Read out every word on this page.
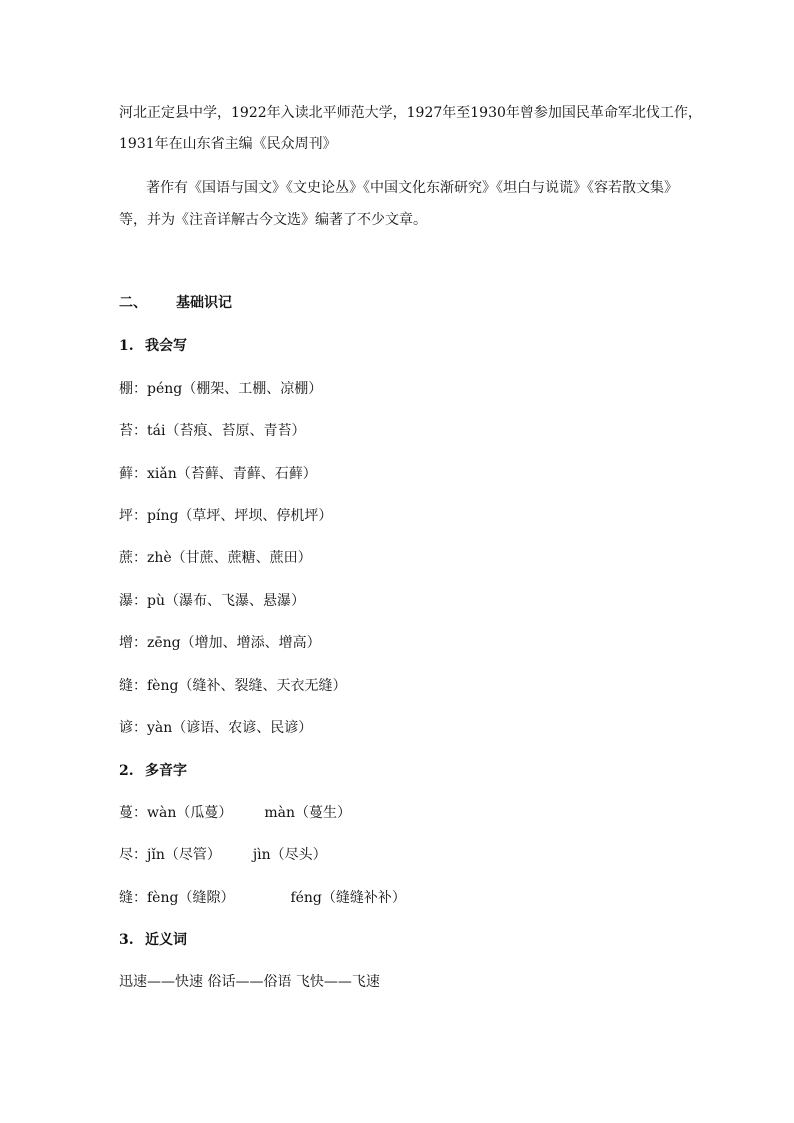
河北正定县中学，1922年入读北平师范大学，1927年至1930年曾参加国民革命军北伐工作，
1931年在山东省主编《民众周刊》
著作有《国语与国文》《文史论丛》《中国文化东渐研究》《坦白与说谎》《容若散文集》
等，并为《注音详解古今文选》编著了不少文章。
二、 基础识记
1. 我会写
棚：péng（棚架、工棚、凉棚）
苔：tái（苔痕、苔原、青苔）
藓：xiǎn（苔藓、青藓、石藓）
坪：píng（草坪、坪坝、停机坪）
蔗：zhè（甘蔗、蔗糖、蔗田）
瀑：pù（瀑布、飞瀑、悬瀑）
增：zēng（增加、增添、增高）
缝：fèng（缝补、裂缝、天衣无缝）
谚：yàn（谚语、农谚、民谚）
2. 多音字
蔓：wàn（瓜蔓） màn（蔓生）
尽：jǐn（尽管） jìn（尽头）
缝：fèng（缝隙）	féng（缝缝补补）
3. 近义词
迅速——快速 俗话——俗语 飞快——飞速
